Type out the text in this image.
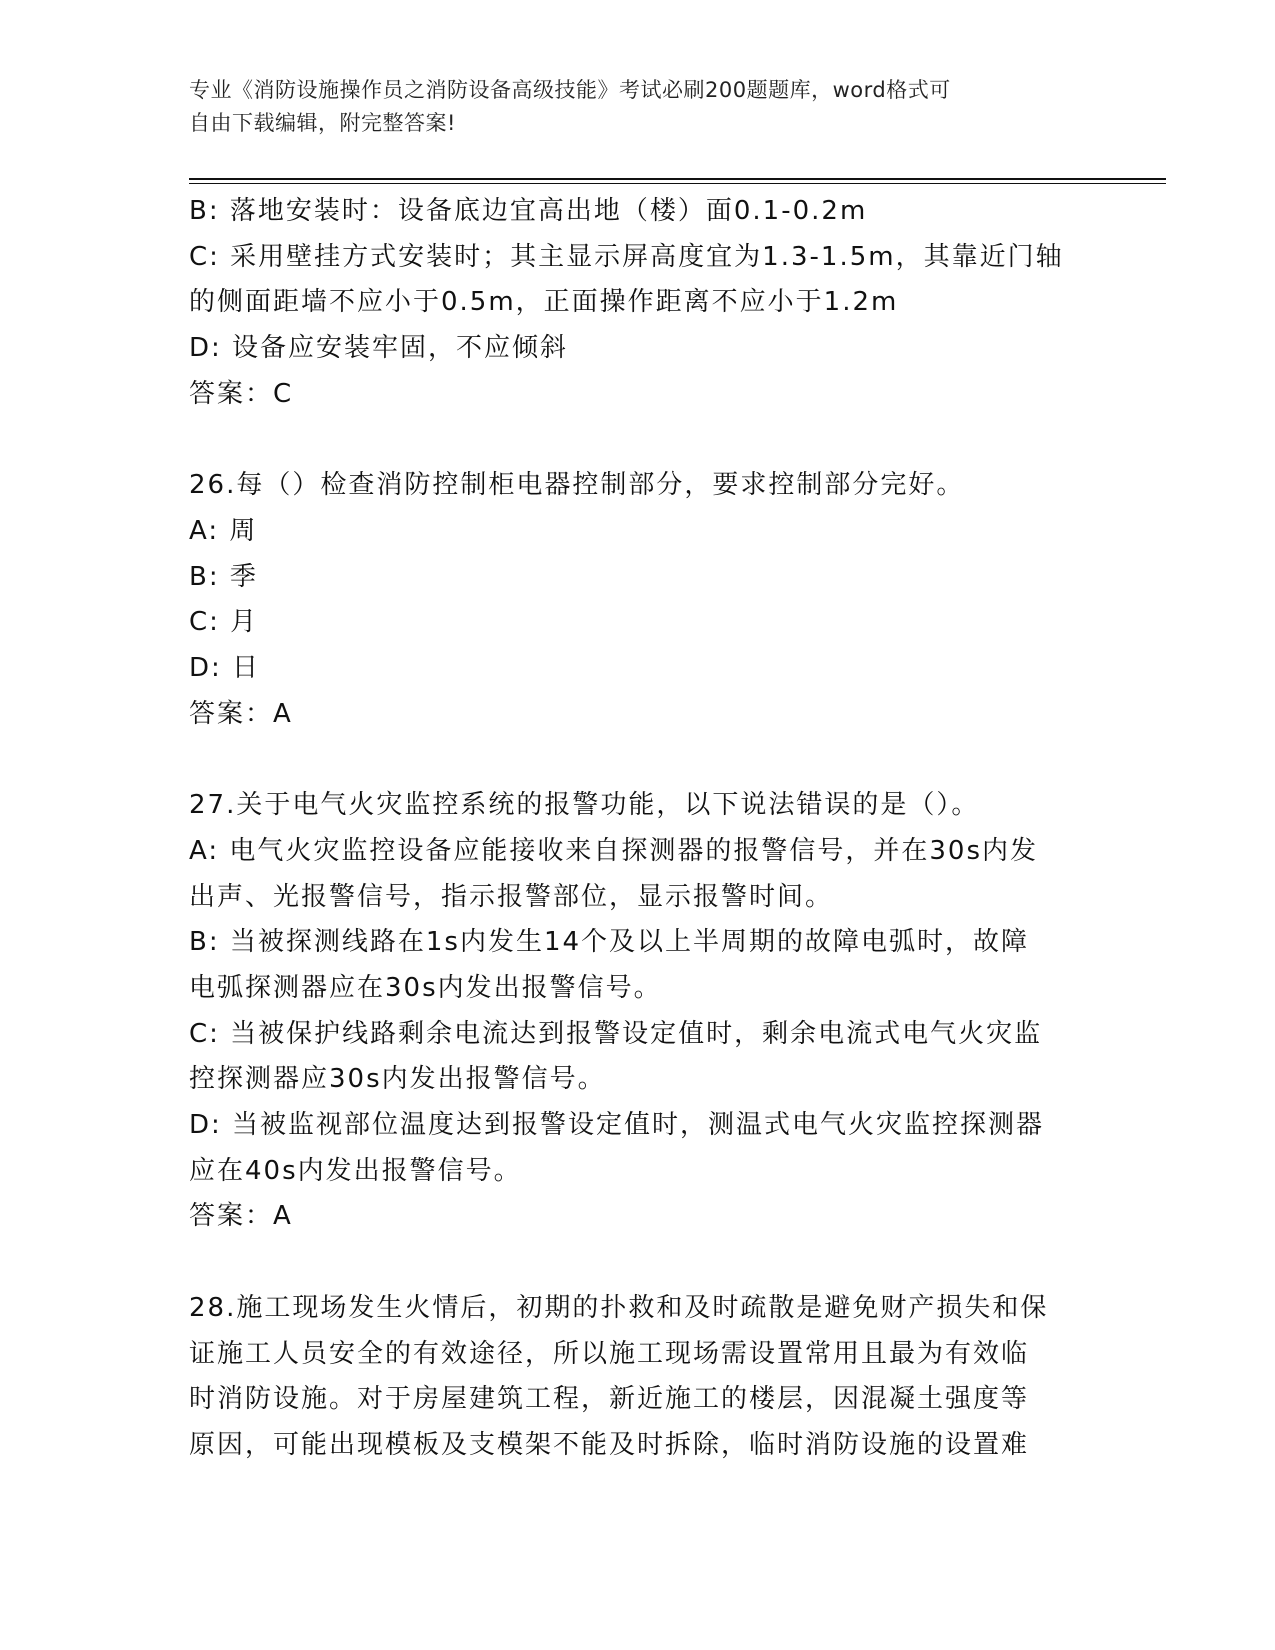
专业《消防设施操作员之消防设备高级技能》考试必刷200题题库，word格式可
自由下载编辑，附完整答案!
B: 落地安装时：设备底边宜高出地（楼）面0.1-0.2m
C: 采用壁挂方式安装时；其主显示屏高度宜为1.3-1.5m，其靠近门轴
的侧面距墙不应小于0.5m，正面操作距离不应小于1.2m
D: 设备应安装牢固，不应倾斜
答案：C
26.每（）检查消防控制柜电器控制部分，要求控制部分完好。
A: 周
B: 季
C: 月
D: 日
答案：A
27.关于电气火灾监控系统的报警功能，以下说法错误的是（）。
A: 电气火灾监控设备应能接收来自探测器的报警信号，并在30s内发
出声、光报警信号，指示报警部位，显示报警时间。
B: 当被探测线路在1s内发生14个及以上半周期的故障电弧时，故障
电弧探测器应在30s内发出报警信号。
C: 当被保护线路剩余电流达到报警设定值时，剩余电流式电气火灾监
控探测器应30s内发出报警信号。
D: 当被监视部位温度达到报警设定值时，测温式电气火灾监控探测器
应在40s内发出报警信号。
答案：A
28.施工现场发生火情后，初期的扑救和及时疏散是避免财产损失和保
证施工人员安全的有效途径，所以施工现场需设置常用且最为有效临
时消防设施。对于房屋建筑工程，新近施工的楼层，因混凝土强度等
原因，可能出现模板及支模架不能及时拆除，临时消防设施的设置难
